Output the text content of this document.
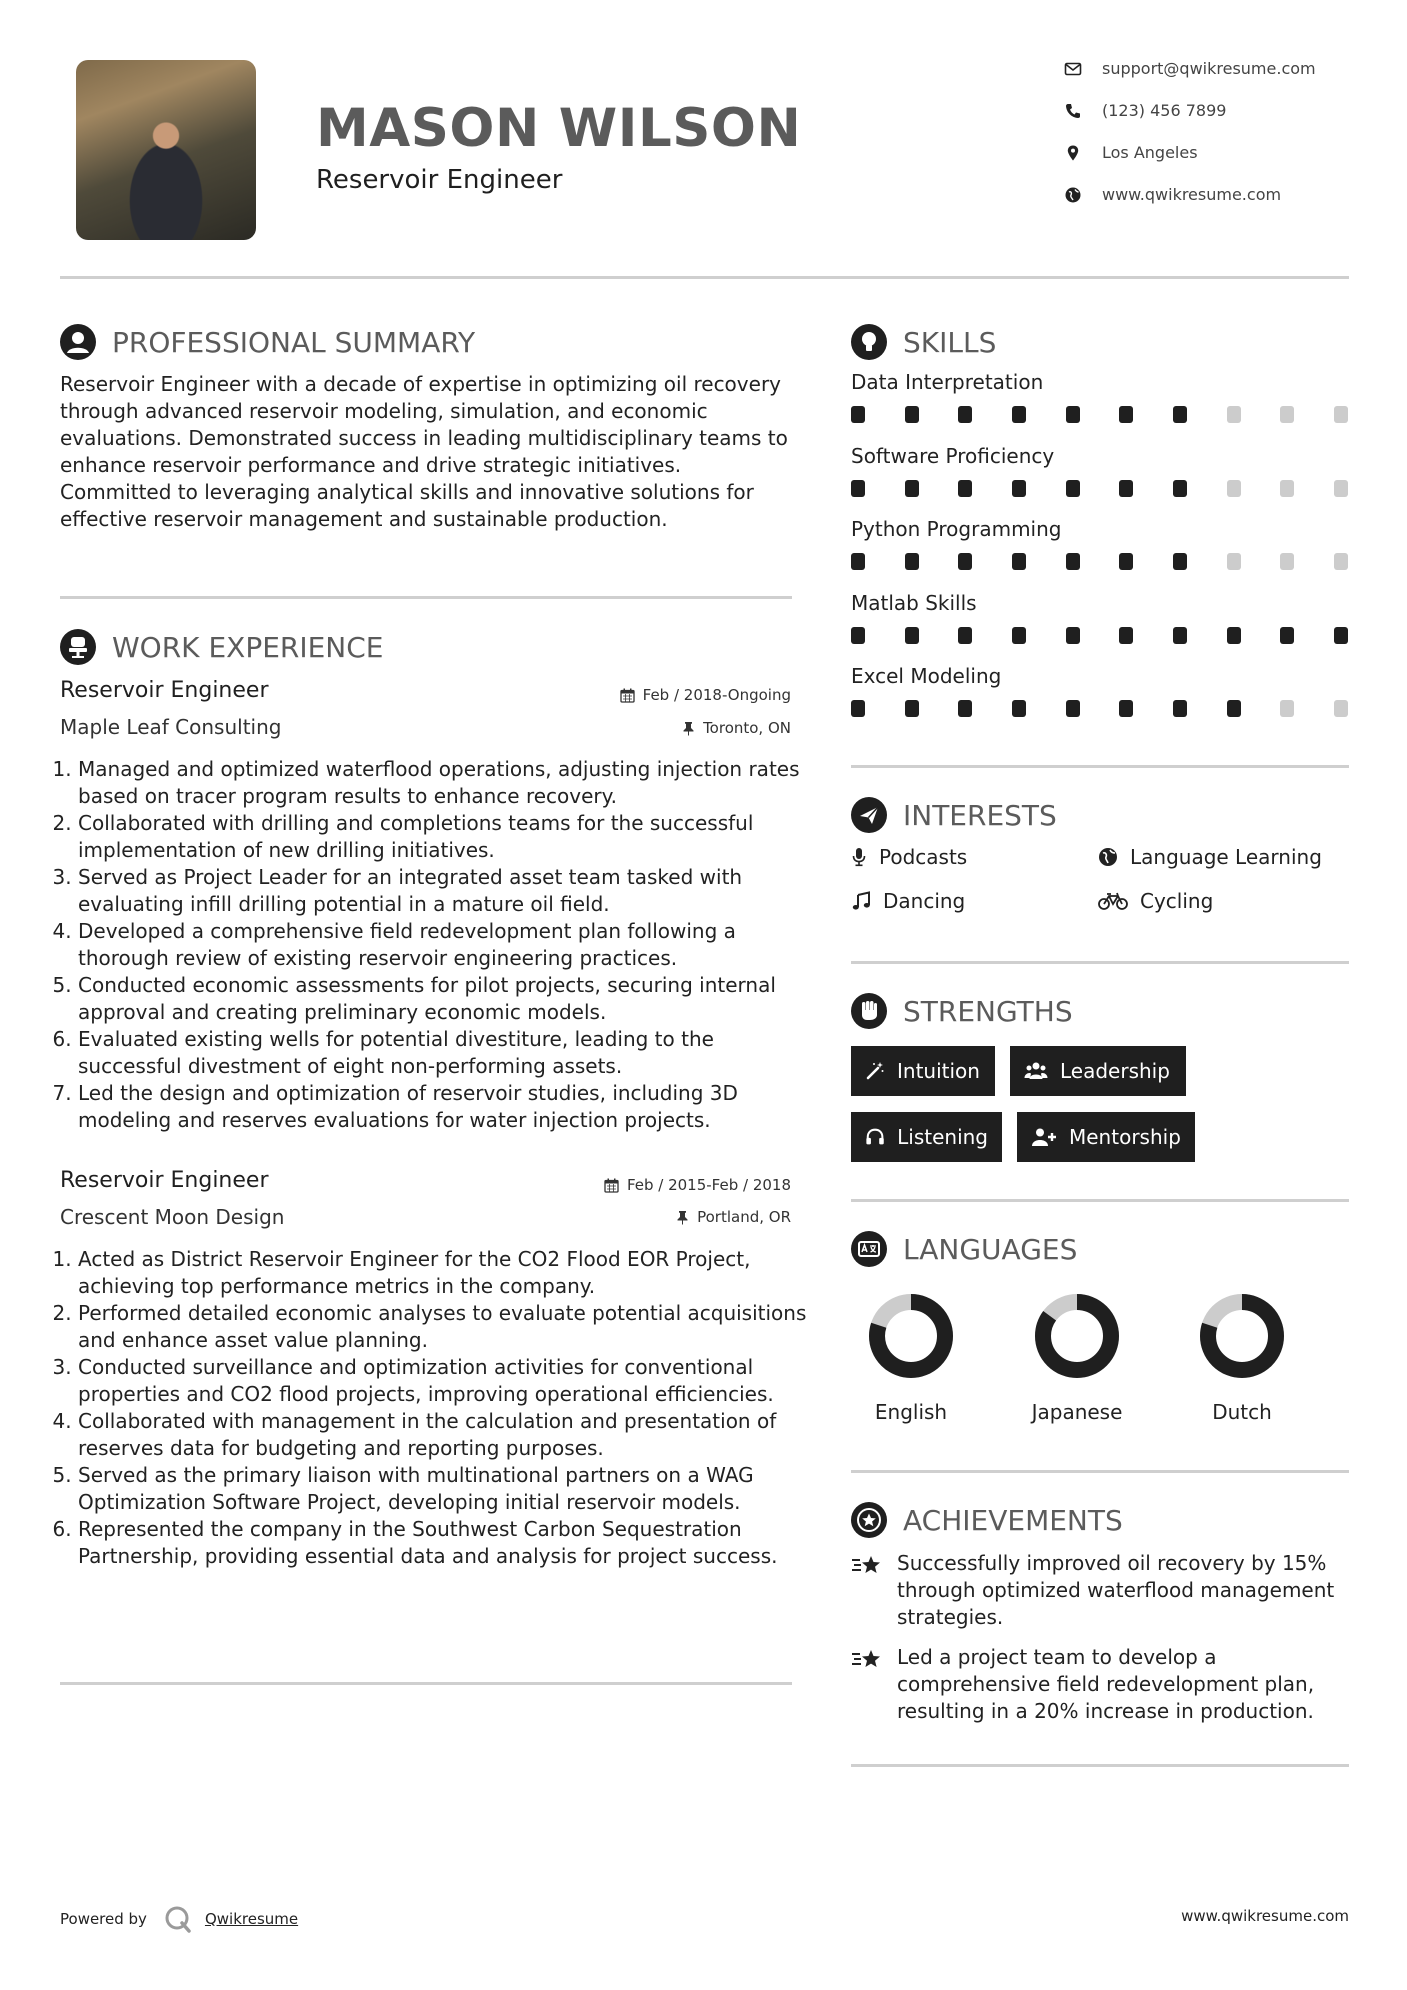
MASON WILSON
Reservoir Engineer
support@qwikresume.com
(123) 456 7899
Los Angeles
www.qwikresume.com
PROFESSIONAL SUMMARY
Reservoir Engineer with a decade of expertise in optimizing oil recovery through advanced reservoir modeling, simulation, and economic evaluations. Demonstrated success in leading multidisciplinary teams to enhance reservoir performance and drive strategic initiatives. Committed to leveraging analytical skills and innovative solutions for effective reservoir management and sustainable production.
WORK EXPERIENCE
Reservoir Engineer
Maple Leaf Consulting
Feb / 2018-Ongoing
Toronto, ON
1. Managed and optimized waterflood operations, adjusting injection rates based on tracer program results to enhance recovery.
2. Collaborated with drilling and completions teams for the successful implementation of new drilling initiatives.
3. Served as Project Leader for an integrated asset team tasked with evaluating infill drilling potential in a mature oil field.
4. Developed a comprehensive field redevelopment plan following a thorough review of existing reservoir engineering practices.
5. Conducted economic assessments for pilot projects, securing internal approval and creating preliminary economic models.
6. Evaluated existing wells for potential divestiture, leading to the successful divestment of eight non-performing assets.
7. Led the design and optimization of reservoir studies, including 3D modeling and reserves evaluations for water injection projects.
Reservoir Engineer
Crescent Moon Design
Feb / 2015-Feb / 2018
Portland, OR
1. Acted as District Reservoir Engineer for the CO2 Flood EOR Project, achieving top performance metrics in the company.
2. Performed detailed economic analyses to evaluate potential acquisitions and enhance asset value planning.
3. Conducted surveillance and optimization activities for conventional properties and CO2 flood projects, improving operational efficiencies.
4. Collaborated with management in the calculation and presentation of reserves data for budgeting and reporting purposes.
5. Served as the primary liaison with multinational partners on a WAG Optimization Software Project, developing initial reservoir models.
6. Represented the company in the Southwest Carbon Sequestration Partnership, providing essential data and analysis for project success.
SKILLS
Data Interpretation
Software Proficiency
Python Programming
Matlab Skills
Excel Modeling
INTERESTS
Podcasts	Language Learning
Dancing	Cycling
STRENGTHS
Intuition	Leadership
Listening	Mentorship
LANGUAGES
English	Japanese	Dutch
ACHIEVEMENTS
Successfully improved oil recovery by 15% through optimized waterflood management strategies.
Led a project team to develop a comprehensive field redevelopment plan, resulting in a 20% increase in production.
Powered by	Qwikresume	www.qwikresume.com
